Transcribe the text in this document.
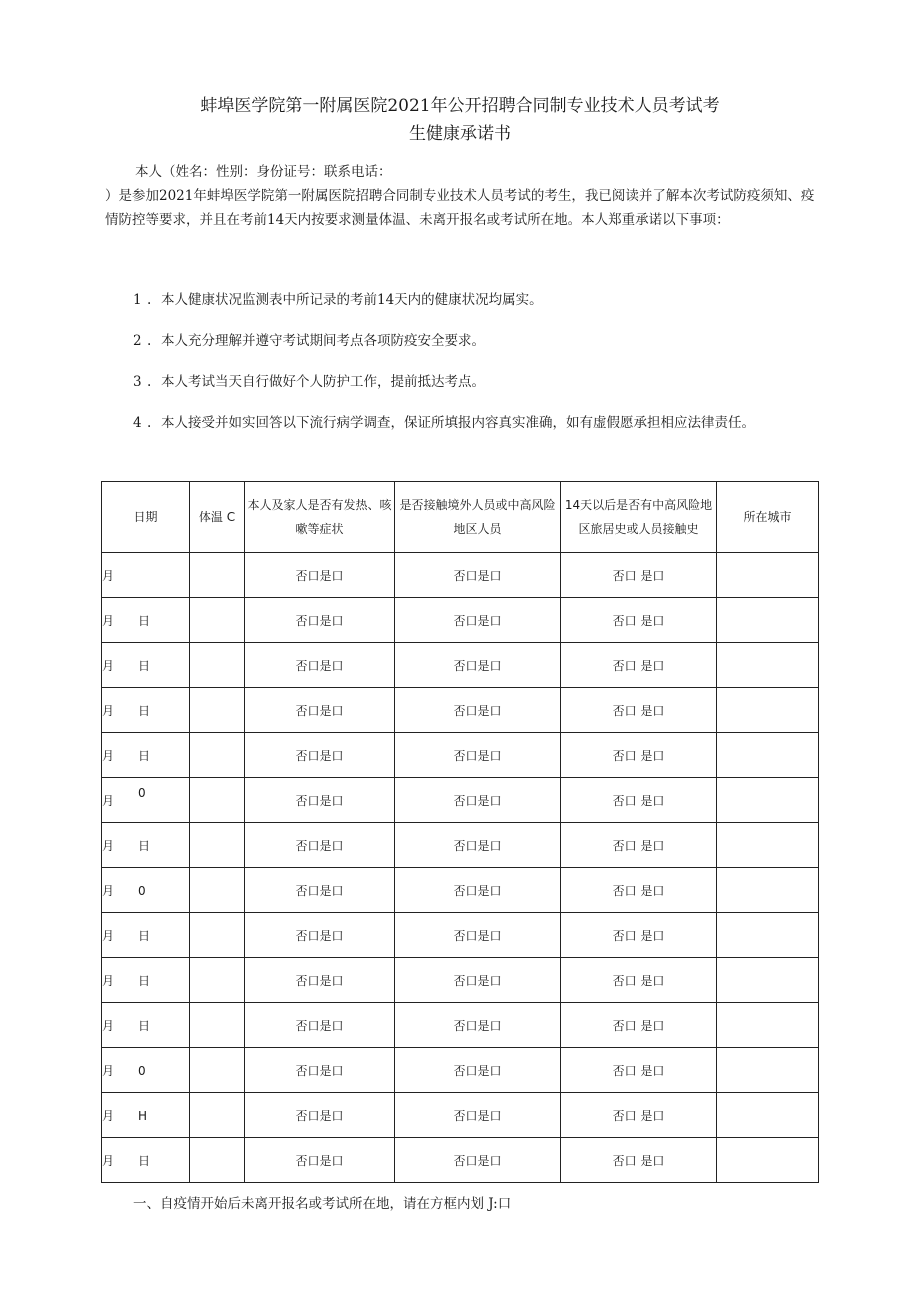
蚌埠医学院第一附属医院2021年公开招聘合同制专业技术人员考试考
生健康承诺书
本人（姓名：性别：身份证号：联系电话：
）是参加2021年蚌埠医学院第一附属医院招聘合同制专业技术人员考试的考生，我已阅读并了解本次考试防疫须知、疫情防控等要求，并且在考前14天内按要求测量体温、未离开报名或考试所在地。本人郑重承诺以下事项：
1 . 本人健康状况监测表中所记录的考前14天内的健康状况均属实。
2 . 本人充分理解并遵守考试期间考点各项防疫安全要求。
3 . 本人考试当天自行做好个人防护工作，提前抵达考点。
4 . 本人接受并如实回答以下流行病学调查，保证所填报内容真实准确，如有虚假愿承担相应法律责任。
日期	体温 C	本人及家人是否有发热、咳嗽等症状	是否接触境外人员或中高风险地区人员	14天以后是否有中高风险地区旅居史或人员接触史	所在城市
月		否口是口	否口是口	否口 是口	
月 日		否口是口	否口是口	否口 是口	
月 日		否口是口	否口是口	否口 是口	
月 日		否口是口	否口是口	否口 是口	
月 日		否口是口	否口是口	否口 是口	
月0		否口是口	否口是口	否口 是口	
月 日		否口是口	否口是口	否口 是口	
月 0		否口是口	否口是口	否口 是口	
月 日		否口是口	否口是口	否口 是口	
月 日		否口是口	否口是口	否口 是口	
月 日		否口是口	否口是口	否口 是口	
月 0		否口是口	否口是口	否口 是口	
月 H		否口是口	否口是口	否口 是口	
月 日		否口是口	否口是口	否口 是口	
一、自疫情开始后未离开报名或考试所在地，请在方框内划 J:口
